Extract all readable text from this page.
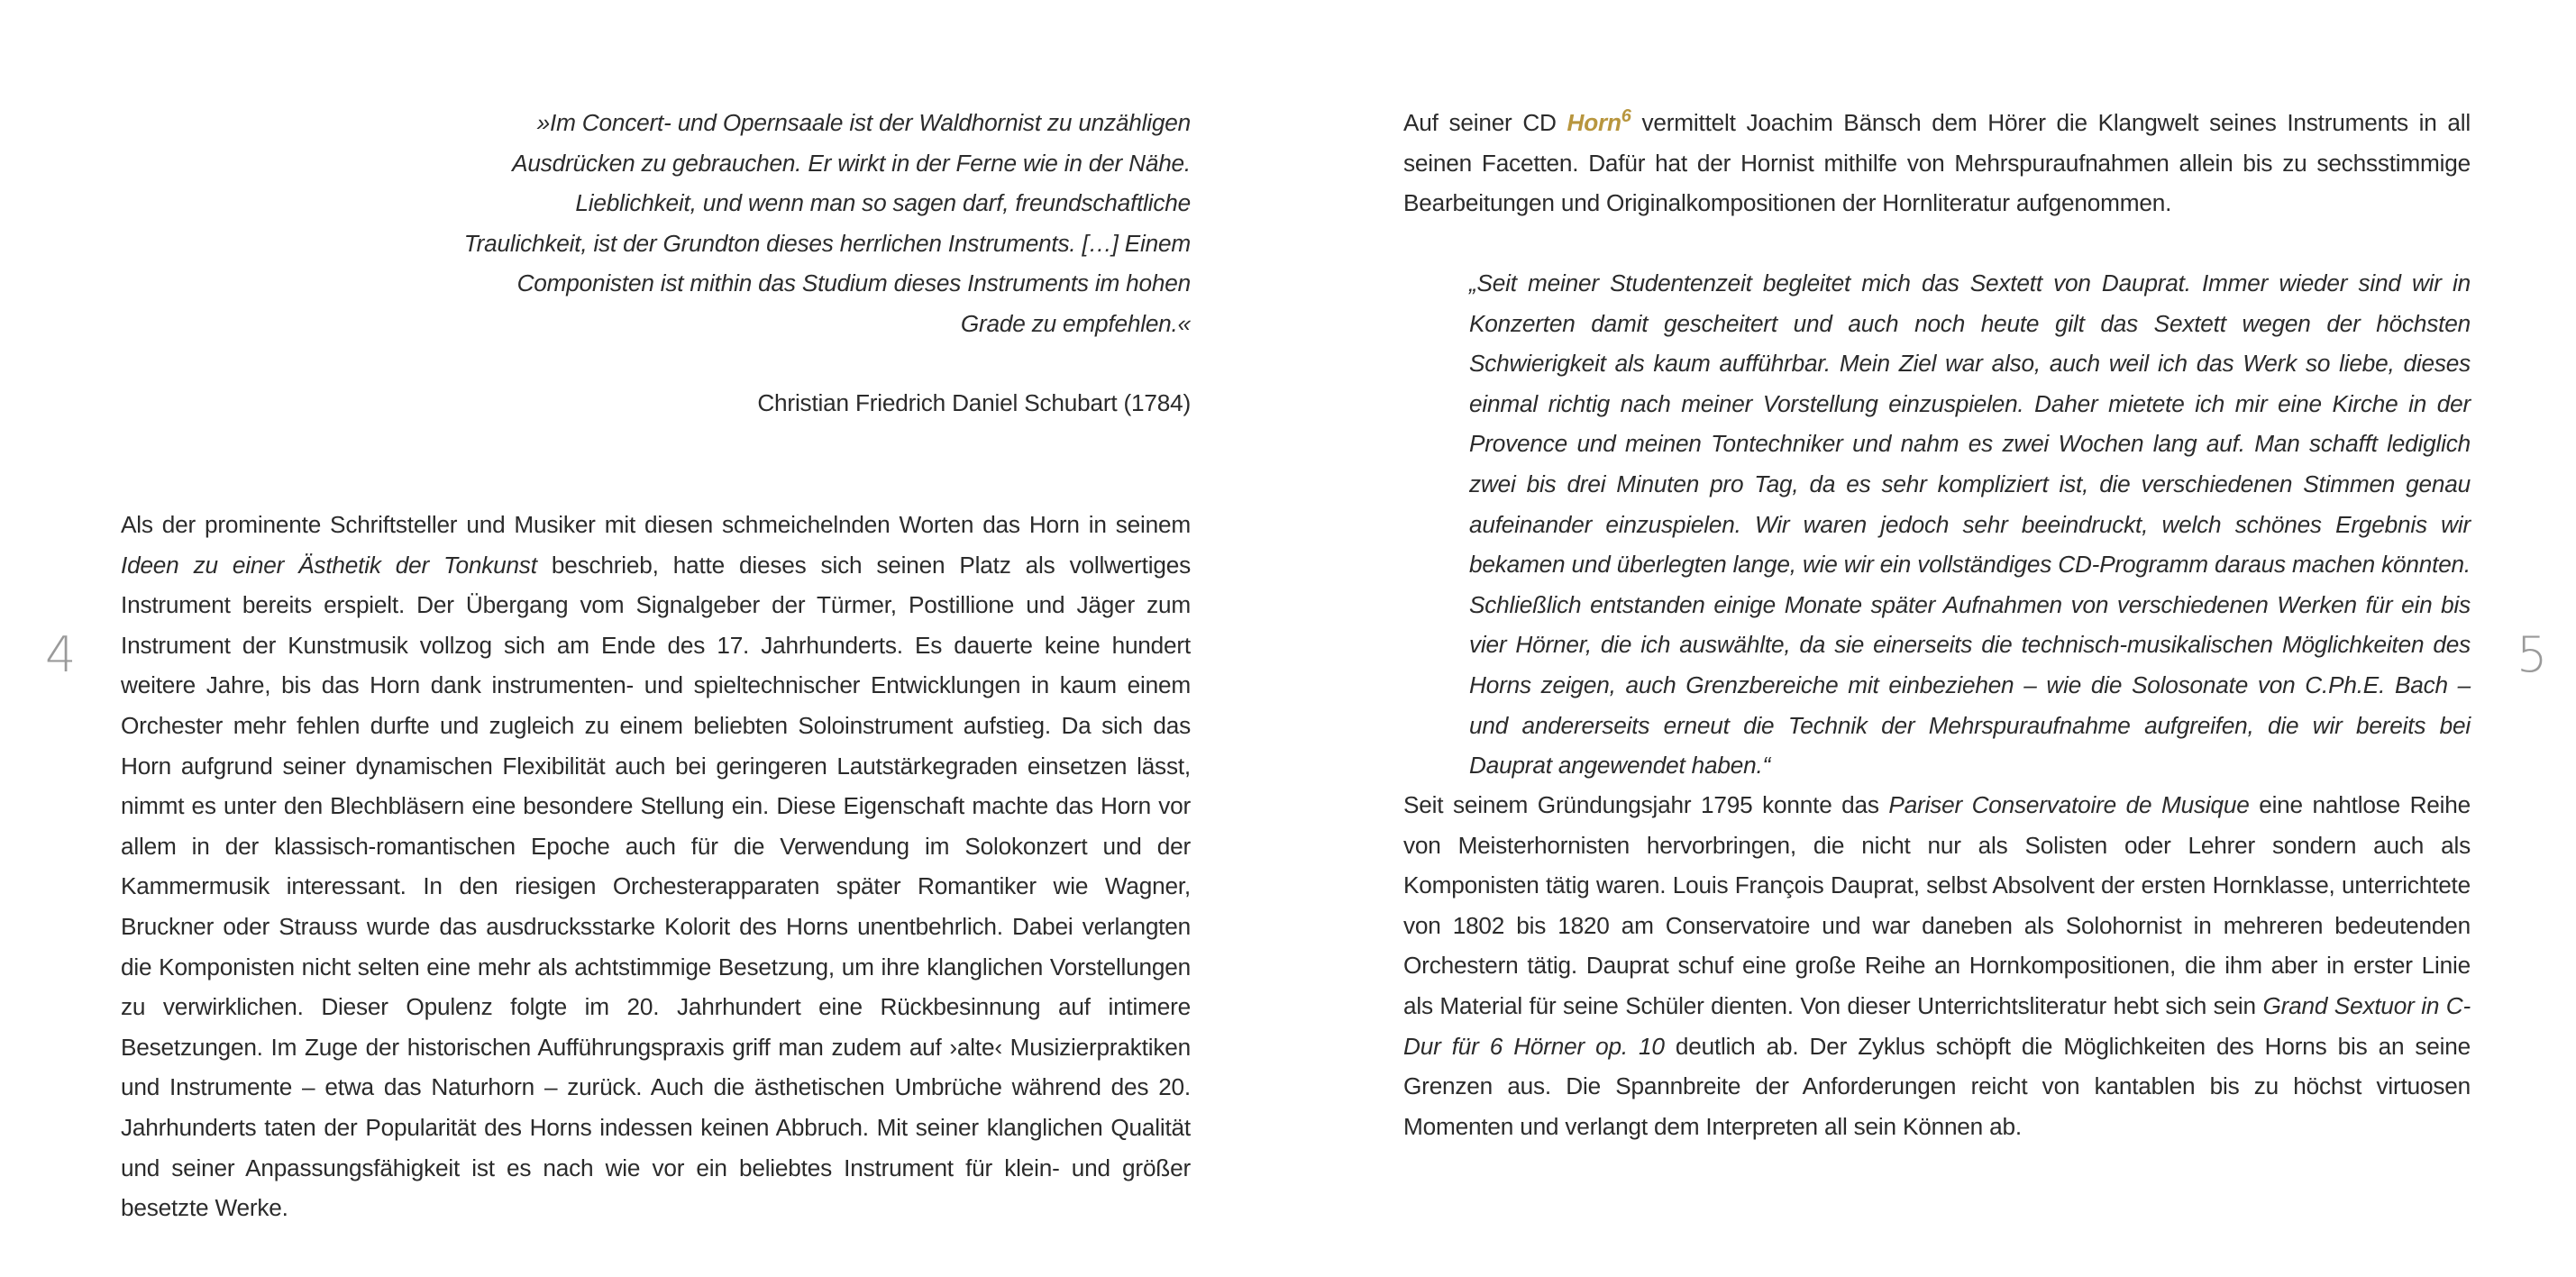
4

»Im Concert- und Opernsaale ist der Waldhornist zu unzähligen Ausdrücken zu gebrauchen. Er wirkt in der Ferne wie in der Nähe. Lieblichkeit, und wenn man so sagen darf, freundschaftliche Traulichkeit, ist der Grundton dieses herrlichen Instruments. […] Einem Componisten ist mithin das Studium dieses Instruments im hohen Grade zu empfehlen.«

Christian Friedrich Daniel Schubart (1784)

Als der prominente Schriftsteller und Musiker mit diesen schmeichelnden Worten das Horn in seinem Ideen zu einer Ästhetik der Tonkunst beschrieb, hatte dieses sich seinen Platz als vollwertiges Instrument bereits erspielt. Der Übergang vom Signalgeber der Türmer, Postillione und Jäger zum Instrument der Kunstmusik vollzog sich am Ende des 17. Jahrhunderts. Es dauerte keine hundert weitere Jahre, bis das Horn dank instrumenten- und spieltechnischer Entwicklungen in kaum einem Orchester mehr fehlen durfte und zugleich zu einem beliebten Soloinstrument aufstieg. Da sich das Horn aufgrund seiner dynamischen Flexibilität auch bei geringeren Lautstärkegraden einsetzen lässt, nimmt es unter den Blechbläsern eine besondere Stellung ein. Diese Eigenschaft machte das Horn vor allem in der klassisch-romantischen Epoche auch für die Verwendung im Solokonzert und der Kammermusik interessant. In den riesigen Orchesterapparaten später Romantiker wie Wagner, Bruckner oder Strauss wurde das ausdrucksstarke Kolorit des Horns unentbehrlich. Dabei verlangten die Komponisten nicht selten eine mehr als achtstimmige Besetzung, um ihre klanglichen Vorstellungen zu verwirklichen. Dieser Opulenz folgte im 20. Jahrhundert eine Rückbesinnung auf intimere Besetzungen. Im Zuge der historischen Aufführungspraxis griff man zudem auf ›alte‹ Musizierpraktiken und Instrumente – etwa das Naturhorn – zurück. Auch die ästhetischen Umbrüche während des 20. Jahrhunderts taten der Popularität des Horns indessen keinen Abbruch. Mit seiner klanglichen Qualität und seiner Anpassungsfähigkeit ist es nach wie vor ein beliebtes Instrument für klein- und größer besetzte Werke.

5

Auf seiner CD Horn$^6$ vermittelt Joachim Bänsch dem Hörer die Klangwelt seines Instruments in all seinen Facetten. Dafür hat der Hornist mithilfe von Mehrspuraufnahmen allein bis zu sechsstimmige Bearbeitungen und Originalkompositionen der Hornliteratur aufgenommen.

„Seit meiner Studentenzeit begleitet mich das Sextett von Dauprat. Immer wieder sind wir in Konzerten damit gescheitert und auch noch heute gilt das Sextett wegen der höchsten Schwierigkeit als kaum aufführbar. Mein Ziel war also, auch weil ich das Werk so liebe, dieses einmal richtig nach meiner Vorstellung einzuspielen. Daher mietete ich mir eine Kirche in der Provence und meinen Tontechniker und nahm es zwei Wochen lang auf. Man schafft lediglich zwei bis drei Minuten pro Tag, da es sehr kompliziert ist, die verschiedenen Stimmen genau aufeinander einzuspielen. Wir waren jedoch sehr beeindruckt, welch schönes Ergebnis wir bekamen und überlegten lange, wie wir ein vollständiges CD-Programm daraus machen könnten. Schließlich entstanden einige Monate später Aufnahmen von verschiedenen Werken für ein bis vier Hörner, die ich auswählte, da sie einerseits die technisch-musikalischen Möglichkeiten des Horns zeigen, auch Grenzbereiche mit einbeziehen – wie die Solosonate von C.Ph.E. Bach – und andererseits erneut die Technik der Mehrspuraufnahme aufgreifen, die wir bereits bei Dauprat angewendet haben.“

Seit seinem Gründungsjahr 1795 konnte das Pariser Conservatoire de Musique eine nahtlose Reihe von Meisterhornisten hervorbringen, die nicht nur als Solisten oder Lehrer sondern auch als Komponisten tätig waren. Louis François Dauprat, selbst Absolvent der ersten Hornklasse, unterrichtete von 1802 bis 1820 am Conservatoire und war daneben als Solohornist in mehreren bedeutenden Orchestern tätig. Dauprat schuf eine große Reihe an Hornkompositionen, die ihm aber in erster Linie als Material für seine Schüler dienten. Von dieser Unterrichtsliteratur hebt sich sein Grand Sextuor in C-Dur für 6 Hörner op. 10 deutlich ab. Der Zyklus schöpft die Möglichkeiten des Horns bis an seine Grenzen aus. Die Spannbreite der Anforderungen reicht von kantablen bis zu höchst virtuosen Momenten und verlangt dem Interpreten all sein Können ab.
